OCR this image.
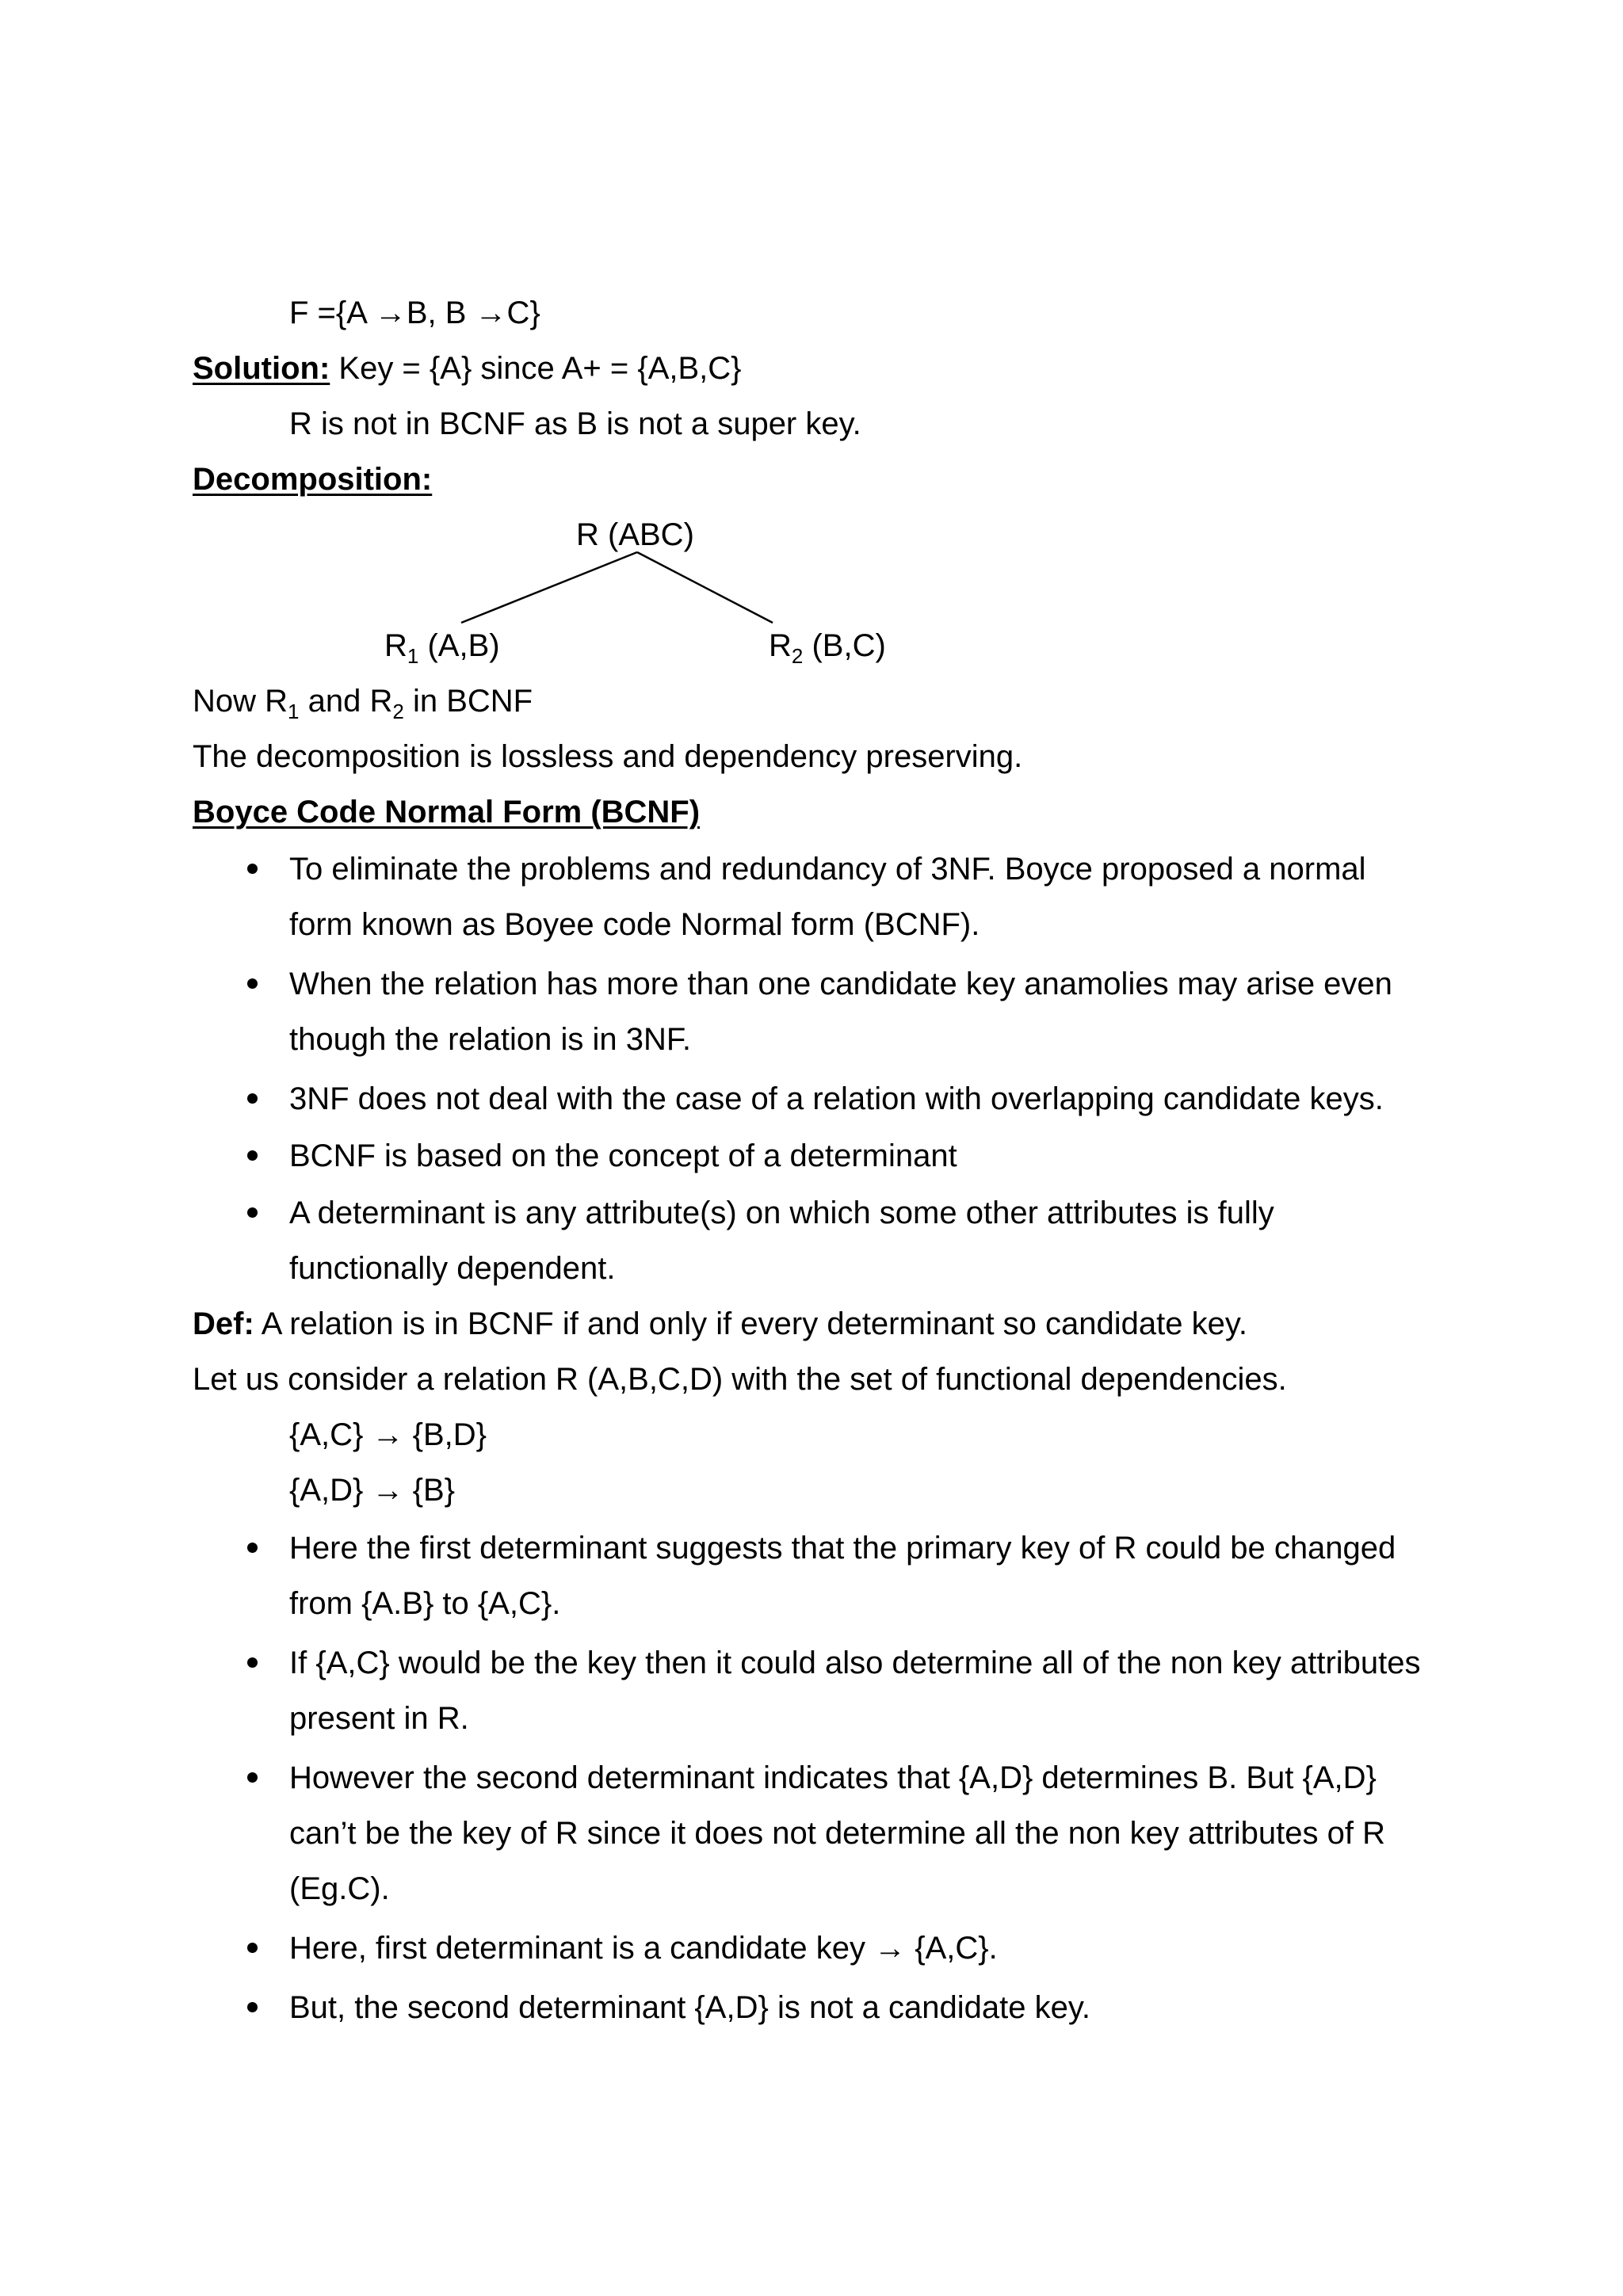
F ={A →B, B →C}
Solution: Key = {A} since A+ = {A,B,C}
R is not in BCNF as B is not a super key.
Decomposition:
R (ABC)
$R_1$ (A,B)	$R_2$ (B,C)
Now $R_1$ and $R_2$ in BCNF
The decomposition is lossless and dependency preserving.
Boyce Code Normal Form (BCNF)
To eliminate the problems and redundancy of 3NF. Boyce proposed a normal
form known as Boyee code Normal form (BCNF).
When the relation has more than one candidate key anamolies may arise even
though the relation is in 3NF.
3NF does not deal with the case of a relation with overlapping candidate keys.
BCNF is based on the concept of a determinant
A determinant is any attribute(s) on which some other attributes is fully
functionally dependent.
Def: A relation is in BCNF if and only if every determinant so candidate key.
Let us consider a relation R (A,B,C,D) with the set of functional dependencies.
{A,C} → {B,D}
{A,D} → {B}
Here the first determinant suggests that the primary key of R could be changed
from {A.B} to {A,C}.
If {A,C} would be the key then it could also determine all of the non key attributes
present in R.
However the second determinant indicates that {A,D} determines B. But {A,D}
can’t be the key of R since it does not determine all the non key attributes of R
(Eg.C).
Here, first determinant is a candidate key → {A,C}.
But, the second determinant {A,D} is not a candidate key.
